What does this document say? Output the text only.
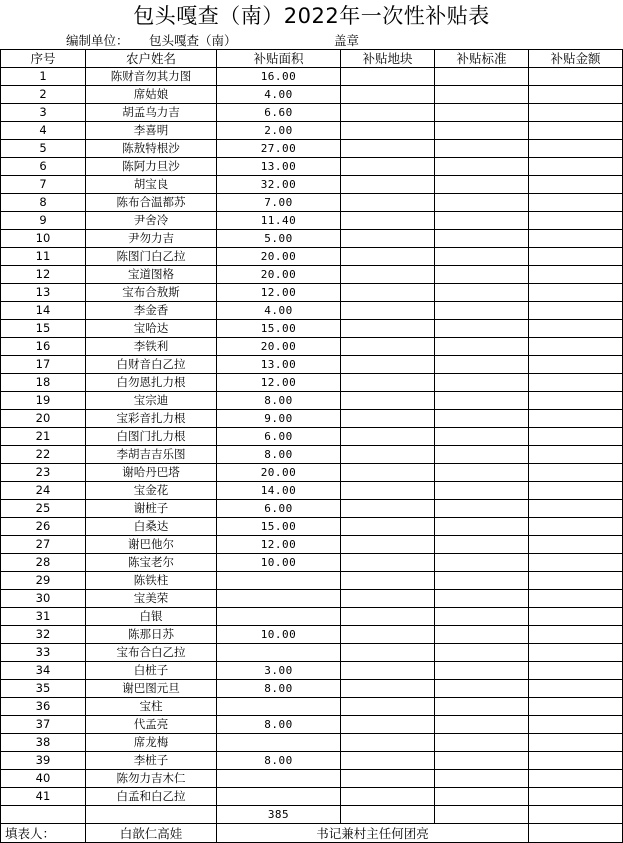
包头嘎查（南）2022年一次性补贴表
编制单位： 包头嘎查（南）	盖章
序号	农户姓名	补贴面积	补贴地块	补贴标准	补贴金额
1	陈财音勿其力图	16.00			
2	席姑娘	4.00			
3	胡孟乌力吉	6.60			
4	李喜明	2.00			
5	陈敖特根沙	27.00			
6	陈阿力旦沙	13.00			
7	胡宝良	32.00			
8	陈布合温都苏	7.00			
9	尹舍冷	11.40			
10	尹勿力吉	5.00			
11	陈图门白乙拉	20.00			
12	宝道图格	20.00			
13	宝布合敖斯	12.00			
14	李金香	4.00			
15	宝哈达	15.00			
16	李铁利	20.00			
17	白财音白乙拉	13.00			
18	白勿恩扎力根	12.00			
19	宝宗迪	8.00			
20	宝彩音扎力根	9.00			
21	白图门扎力根	6.00			
22	李胡吉吉乐图	8.00			
23	谢哈丹巴塔	20.00			
24	宝金花	14.00			
25	谢桩子	6.00			
26	白桑达	15.00			
27	谢巴他尔	12.00			
28	陈宝老尔	10.00			
29	陈铁柱				
30	宝美荣				
31	白银				
32	陈那日苏	10.00			
33	宝布合白乙拉				
34	白桩子	3.00			
35	谢巴图元旦	8.00			
36	宝柱				
37	代孟亮	8.00			
38	席龙梅				
39	李桩子	8.00			
40	陈勿力吉木仁				
41	白孟和白乙拉				
		385			
填表人：	白歆仁高娃	书记兼村主任何团亮			
